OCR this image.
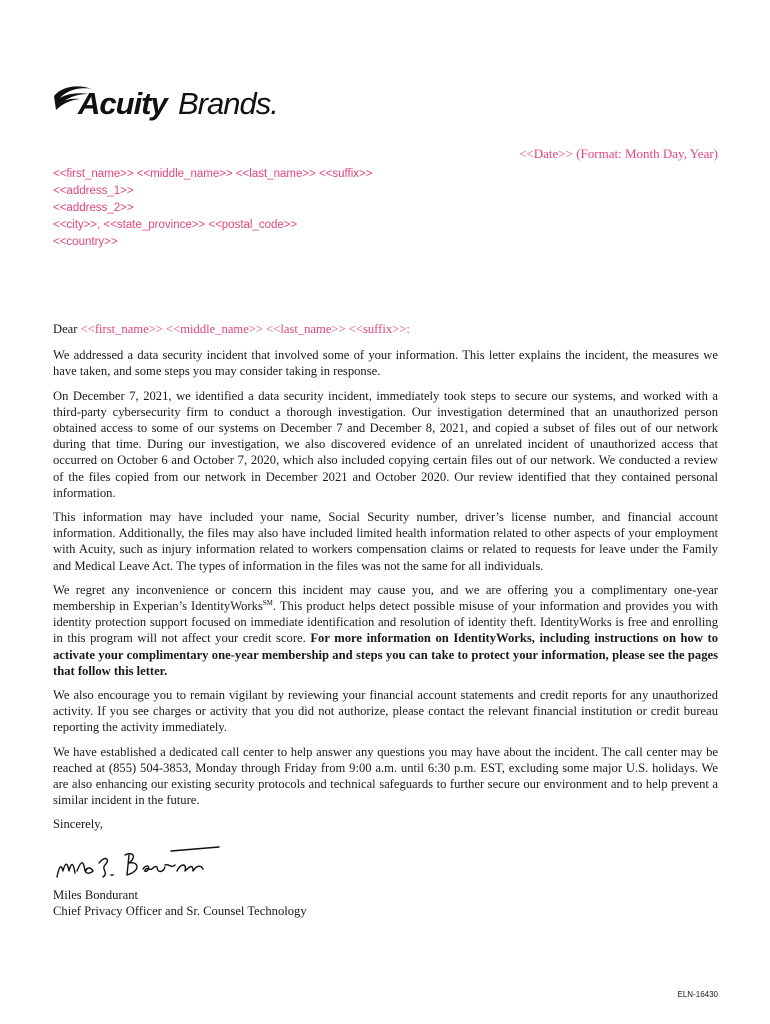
Acuity Brands.
<<Date>> (Format: Month Day, Year)
<<first_name>> <<middle_name>> <<last_name>> <<suffix>>
<<address_1>>
<<address_2>>
<<city>>, <<state_province>> <<postal_code>>
<<country>>

Dear <<first_name>> <<middle_name>> <<last_name>> <<suffix>>:

We addressed a data security incident that involved some of your information. This letter explains the incident, the measures we have taken, and some steps you may consider taking in response.

On December 7, 2021, we identified a data security incident, immediately took steps to secure our systems, and worked with a third-party cybersecurity firm to conduct a thorough investigation. Our investigation determined that an unauthorized person obtained access to some of our systems on December 7 and December 8, 2021, and copied a subset of files out of our network during that time. During our investigation, we also discovered evidence of an unrelated incident of unauthorized access that occurred on October 6 and October 7, 2020, which also included copying certain files out of our network. We conducted a review of the files copied from our network in December 2021 and October 2020. Our review identified that they contained personal information.

This information may have included your name, Social Security number, driver’s license number, and financial account information. Additionally, the files may also have included limited health information related to other aspects of your employment with Acuity, such as injury information related to workers compensation claims or related to requests for leave under the Family and Medical Leave Act. The types of information in the files was not the same for all individuals.

We regret any inconvenience or concern this incident may cause you, and we are offering you a complimentary one-year membership in Experian’s IdentityWorks℠. This product helps detect possible misuse of your information and provides you with identity protection support focused on immediate identification and resolution of identity theft. IdentityWorks is free and enrolling in this program will not affect your credit score. For more information on IdentityWorks, including instructions on how to activate your complimentary one-year membership and steps you can take to protect your information, please see the pages that follow this letter.

We also encourage you to remain vigilant by reviewing your financial account statements and credit reports for any unauthorized activity. If you see charges or activity that you did not authorize, please contact the relevant financial institution or credit bureau reporting the activity immediately.

We have established a dedicated call center to help answer any questions you may have about the incident. The call center may be reached at (855) 504-3853, Monday through Friday from 9:00 a.m. until 6:30 p.m. EST, excluding some major U.S. holidays. We are also enhancing our existing security protocols and technical safeguards to further secure our environment and to help prevent a similar incident in the future.

Sincerely,

Miles Bondurant

Chief Privacy Officer and Sr. Counsel Technology

ELN-16430
